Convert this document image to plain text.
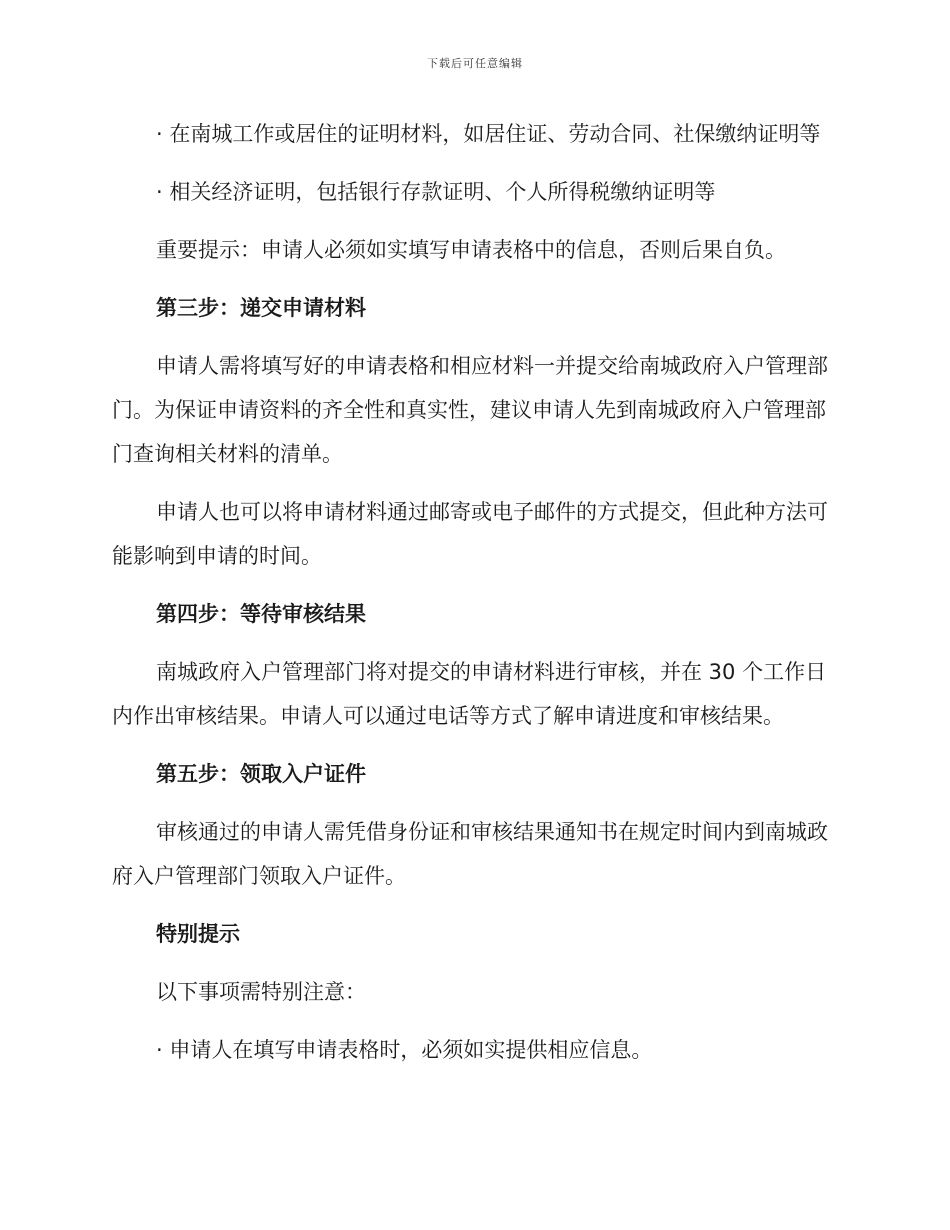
下载后可任意编辑

· 在南城工作或居住的证明材料，如居住证、劳动合同、社保缴纳证明等

· 相关经济证明，包括银行存款证明、个人所得税缴纳证明等

重要提示：申请人必须如实填写申请表格中的信息，否则后果自负。

第三步：递交申请材料

申请人需将填写好的申请表格和相应材料一并提交给南城政府入户管理部门。为保证申请资料的齐全性和真实性，建议申请人先到南城政府入户管理部门查询相关材料的清单。

申请人也可以将申请材料通过邮寄或电子邮件的方式提交，但此种方法可能影响到申请的时间。

第四步：等待审核结果

南城政府入户管理部门将对提交的申请材料进行审核，并在 30 个工作日内作出审核结果。申请人可以通过电话等方式了解申请进度和审核结果。

第五步：领取入户证件

审核通过的申请人需凭借身份证和审核结果通知书在规定时间内到南城政府入户管理部门领取入户证件。

特别提示

以下事项需特别注意：

· 申请人在填写申请表格时，必须如实提供相应信息。
